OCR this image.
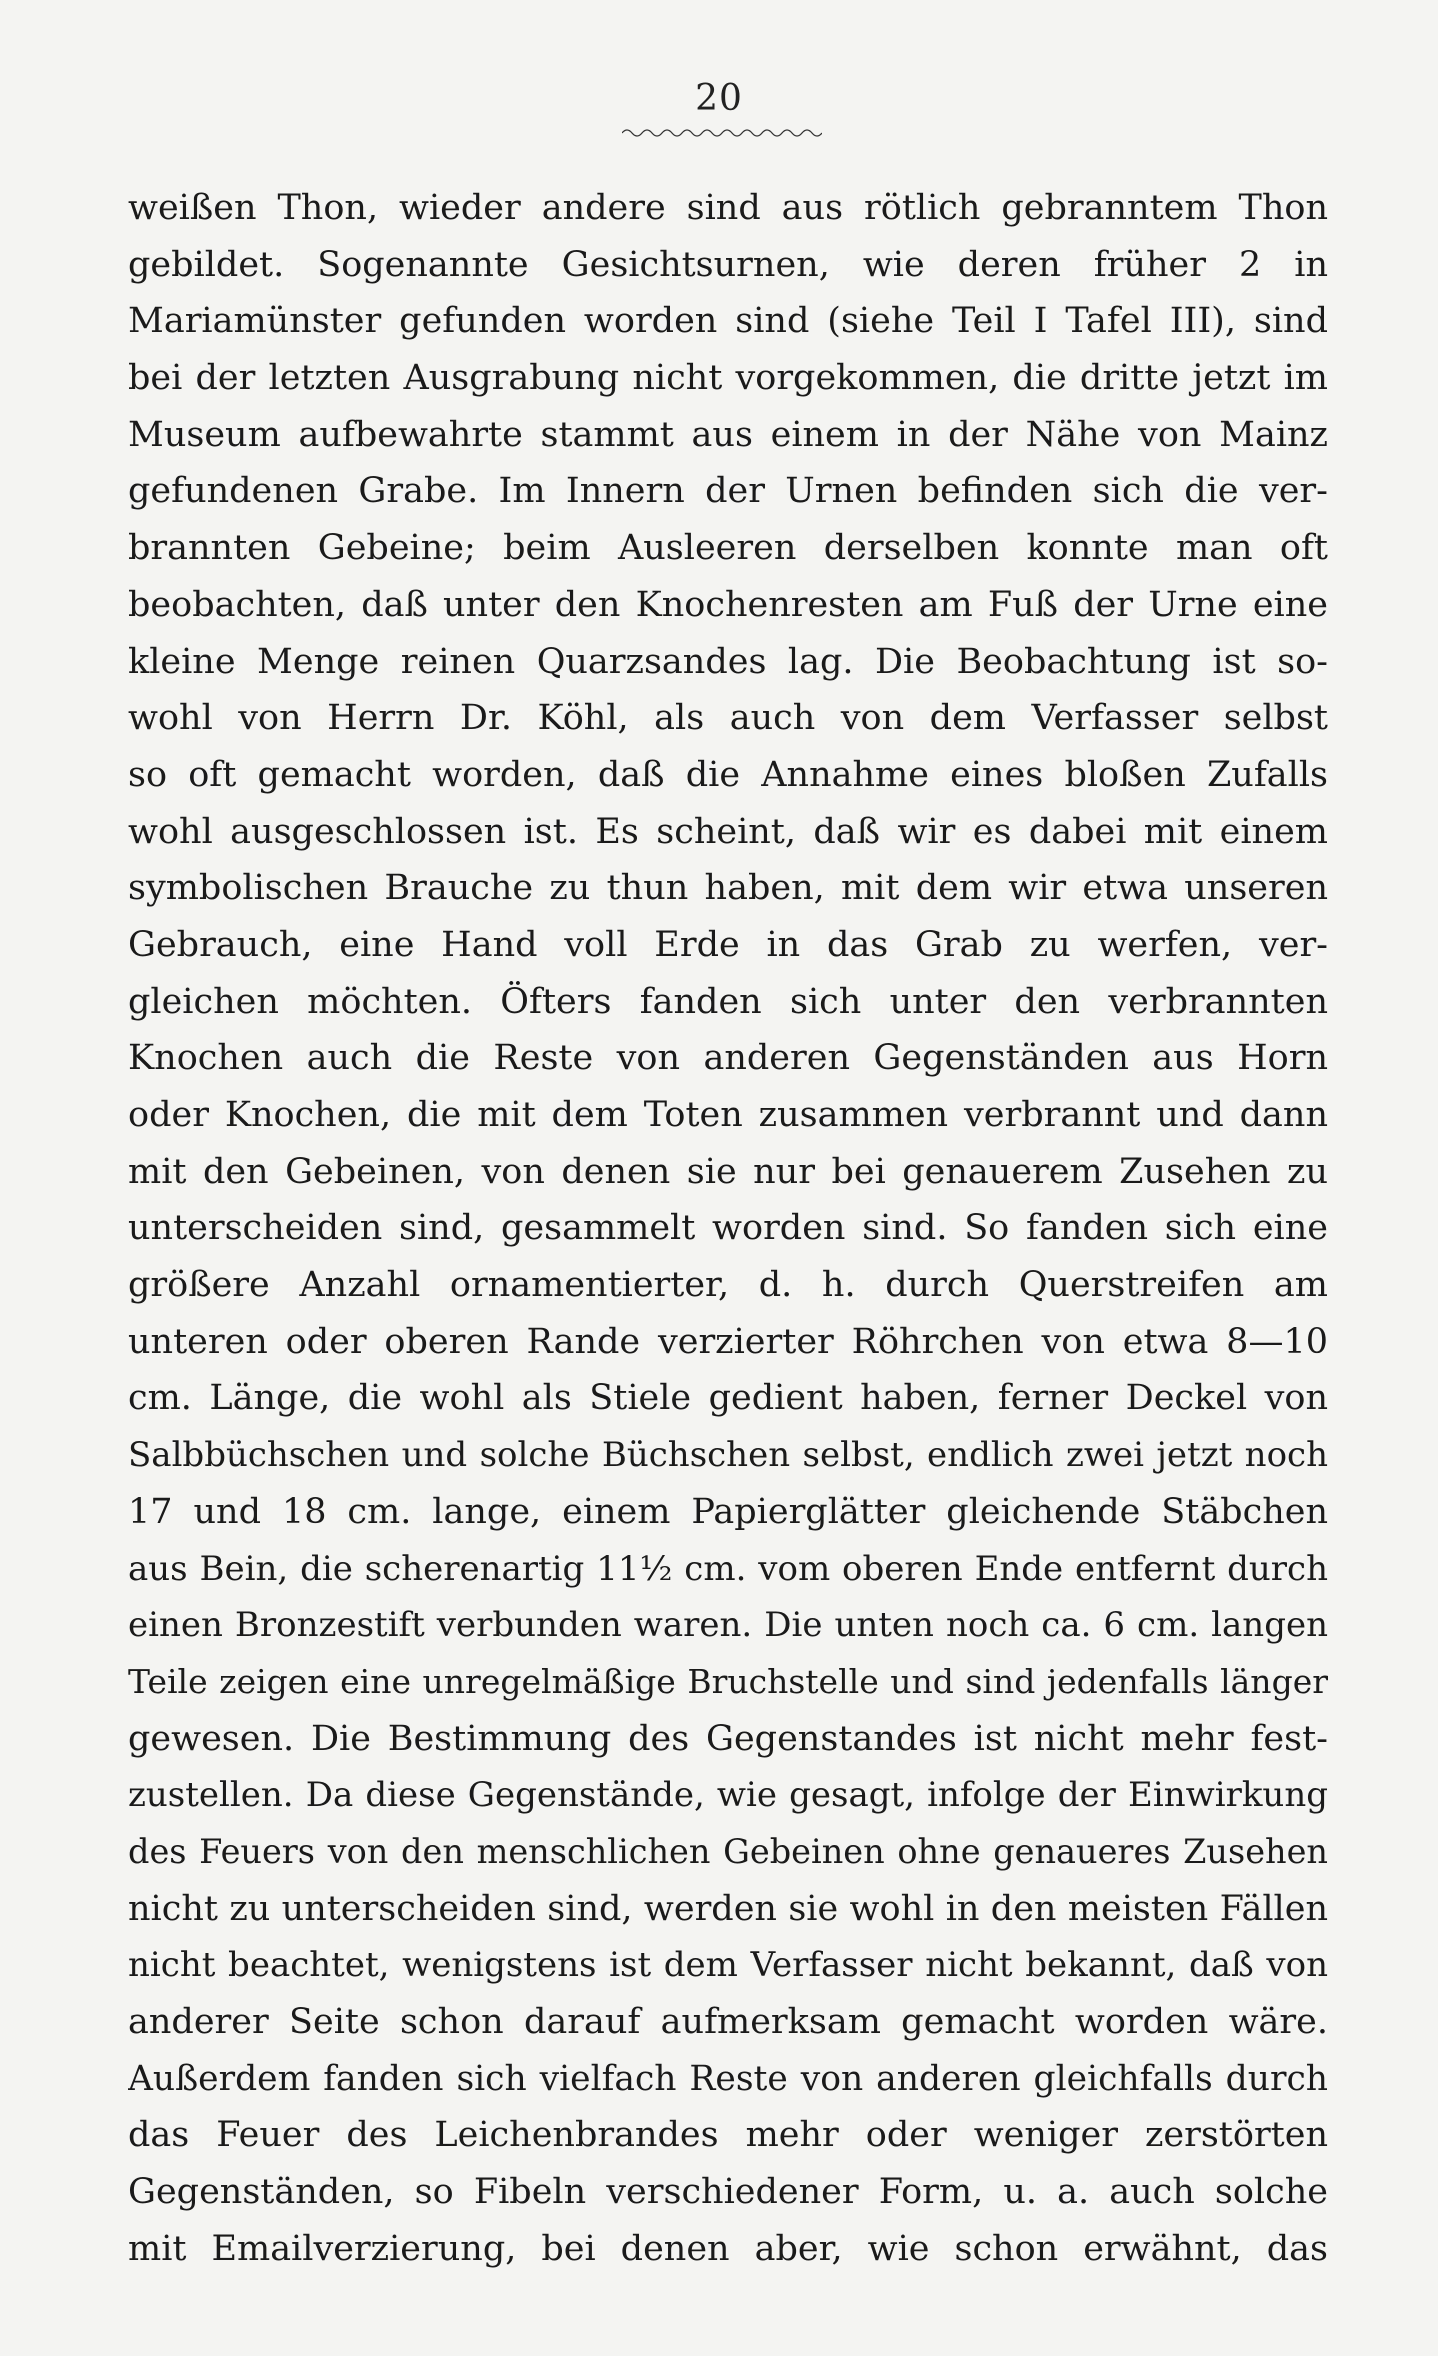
20
weißen Thon, wieder andere sind aus rötlich gebranntem Thon
gebildet. Sogenannte Gesichtsurnen, wie deren früher 2 in
Mariamünster gefunden worden sind (siehe Teil I Tafel III), sind
bei der letzten Ausgrabung nicht vorgekommen, die dritte jetzt im
Museum aufbewahrte stammt aus einem in der Nähe von Mainz
gefundenen Grabe. Im Innern der Urnen befinden sich die ver-
brannten Gebeine; beim Ausleeren derselben konnte man oft
beobachten, daß unter den Knochenresten am Fuß der Urne eine
kleine Menge reinen Quarzsandes lag. Die Beobachtung ist so-
wohl von Herrn Dr. Köhl, als auch von dem Verfasser selbst
so oft gemacht worden, daß die Annahme eines bloßen Zufalls
wohl ausgeschlossen ist. Es scheint, daß wir es dabei mit einem
symbolischen Brauche zu thun haben, mit dem wir etwa unseren
Gebrauch, eine Hand voll Erde in das Grab zu werfen, ver-
gleichen möchten. Öfters fanden sich unter den verbrannten
Knochen auch die Reste von anderen Gegenständen aus Horn
oder Knochen, die mit dem Toten zusammen verbrannt und dann
mit den Gebeinen, von denen sie nur bei genauerem Zusehen zu
unterscheiden sind, gesammelt worden sind. So fanden sich eine
größere Anzahl ornamentierter, d. h. durch Querstreifen am
unteren oder oberen Rande verzierter Röhrchen von etwa 8—10
cm. Länge, die wohl als Stiele gedient haben, ferner Deckel von
Salbbüchschen und solche Büchschen selbst, endlich zwei jetzt noch
17 und 18 cm. lange, einem Papierglätter gleichende Stäbchen
aus Bein, die scherenartig 11½ cm. vom oberen Ende entfernt durch
einen Bronzestift verbunden waren. Die unten noch ca. 6 cm. langen
Teile zeigen eine unregelmäßige Bruchstelle und sind jedenfalls länger
gewesen. Die Bestimmung des Gegenstandes ist nicht mehr fest-
zustellen. Da diese Gegenstände, wie gesagt, infolge der Einwirkung
des Feuers von den menschlichen Gebeinen ohne genaueres Zusehen
nicht zu unterscheiden sind, werden sie wohl in den meisten Fällen
nicht beachtet, wenigstens ist dem Verfasser nicht bekannt, daß von
anderer Seite schon darauf aufmerksam gemacht worden wäre.
Außerdem fanden sich vielfach Reste von anderen gleichfalls durch
das Feuer des Leichenbrandes mehr oder weniger zerstörten
Gegenständen, so Fibeln verschiedener Form, u. a. auch solche
mit Emailverzierung, bei denen aber, wie schon erwähnt, das
